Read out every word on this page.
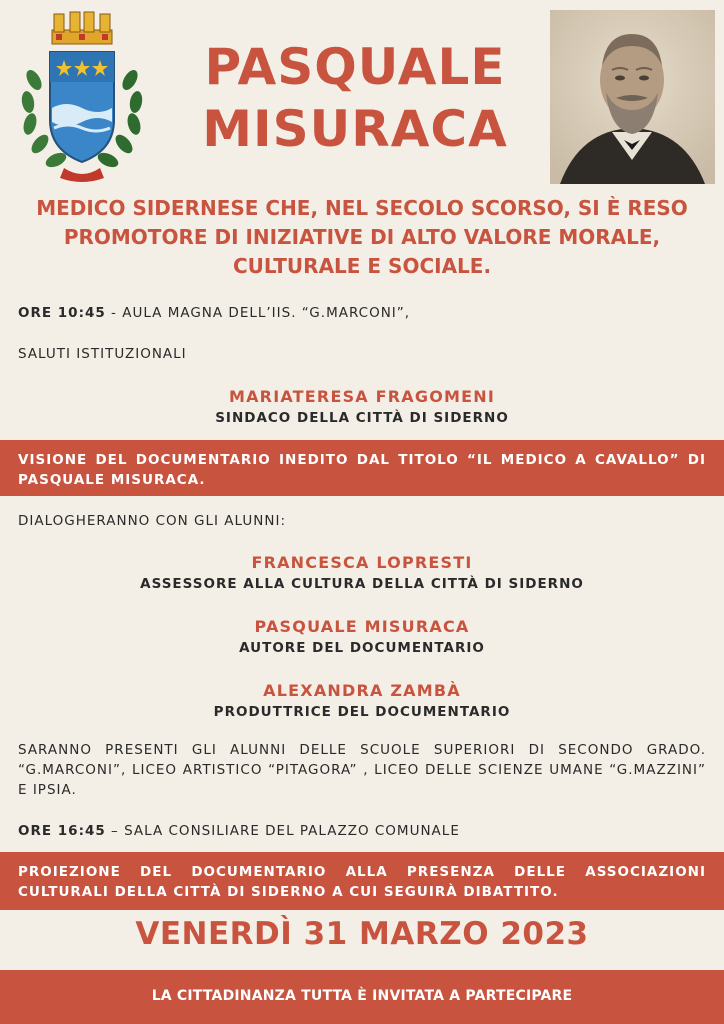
PASQUALE
MISURACA
MEDICO SIDERNESE CHE, NEL SECOLO SCORSO, SI È RESO PROMOTORE DI INIZIATIVE DI ALTO VALORE MORALE, CULTURALE E SOCIALE.
ORE 10:45 - AULA MAGNA DELL’IIS. “G.MARCONI”,
SALUTI ISTITUZIONALI
MARIATERESA FRAGOMENI
SINDACO DELLA CITTÀ DI SIDERNO
VISIONE DEL DOCUMENTARIO INEDITO DAL TITOLO “IL MEDICO A CAVALLO” DI PASQUALE MISURACA.
DIALOGHERANNO CON GLI ALUNNI:
FRANCESCA LOPRESTI
ASSESSORE ALLA CULTURA DELLA CITTÀ DI SIDERNO
PASQUALE MISURACA
AUTORE DEL DOCUMENTARIO
ALEXANDRA ZAMBÀ
PRODUTTRICE DEL DOCUMENTARIO
SARANNO PRESENTI GLI ALUNNI DELLE SCUOLE SUPERIORI DI SECONDO GRADO. “G.MARCONI”, LICEO ARTISTICO “PITAGORA” , LICEO DELLE SCIENZE UMANE “G.MAZZINI” E IPSIA.
ORE 16:45 – SALA CONSILIARE DEL PALAZZO COMUNALE
PROIEZIONE DEL DOCUMENTARIO ALLA PRESENZA DELLE ASSOCIAZIONI CULTURALI DELLA CITTÀ DI SIDERNO A CUI SEGUIRÀ DIBATTITO.
VENERDÌ 31 MARZO 2023
LA CITTADINANZA TUTTA È INVITATA A PARTECIPARE
